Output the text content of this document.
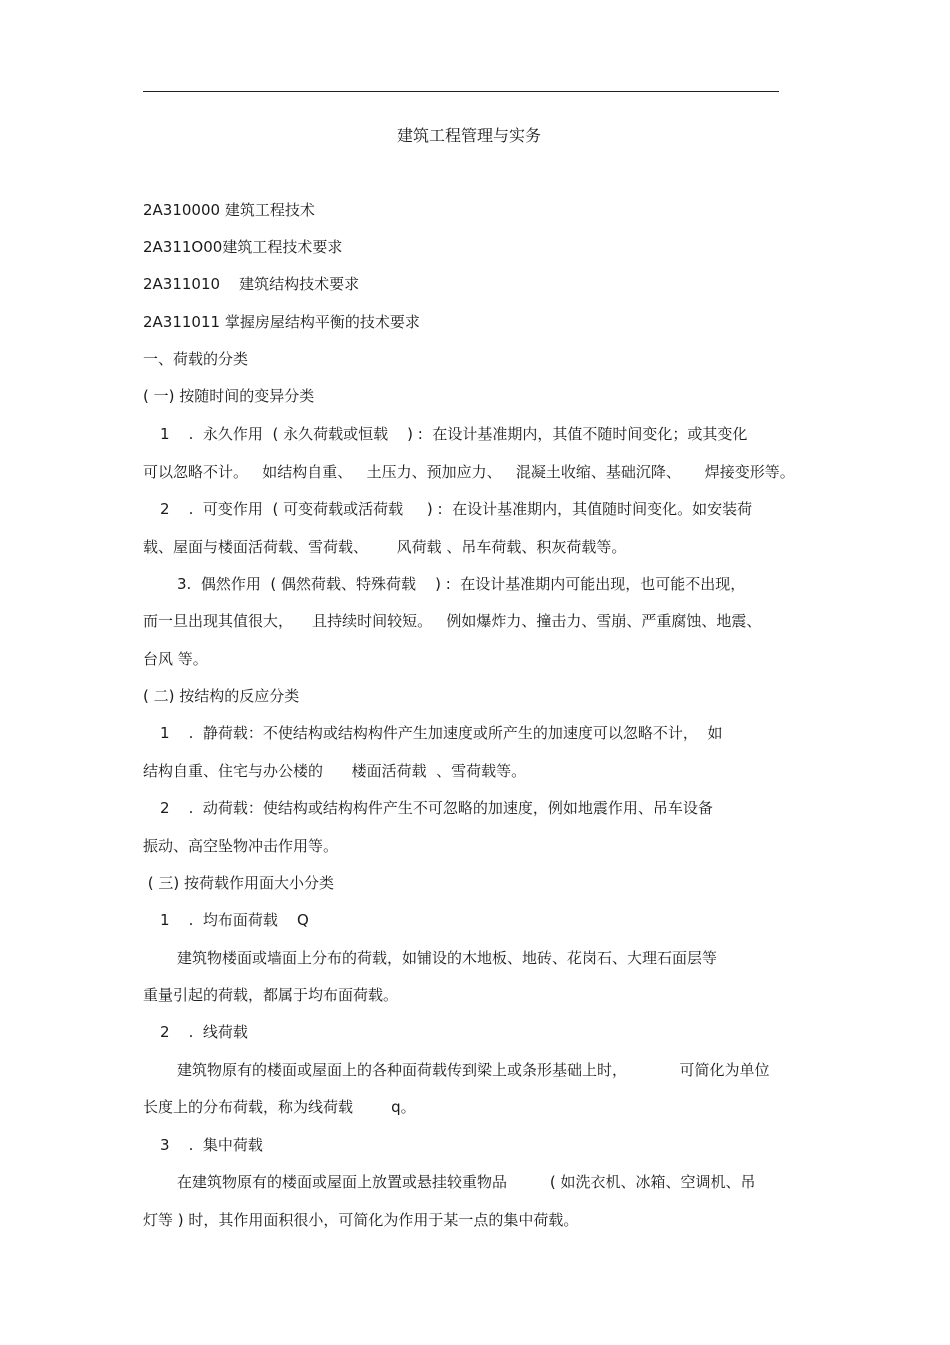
建筑工程管理与实务
2A310000 建筑工程技术
2A311O00建筑工程技术要求
2A311010    建筑结构技术要求
2A311011 掌握房屋结构平衡的技术要求
一、荷载的分类
( 一) 按随时间的变异分类
1    .  永久作用  ( 永久荷载或恒载    ) :  在设计基准期内，其值不随时间变化；或其变化
可以忽略不计。   如结构自重、   土压力、预加应力、   混凝土收缩、基础沉降、     焊接变形等。
2    .  可变作用  ( 可变荷载或活荷载     ) :  在设计基准期内，其值随时间变化。如安装荷
载、屋面与楼面活荷载、雪荷载、      风荷载 、吊车荷载、积灰荷载等。
3.  偶然作用  ( 偶然荷载、特殊荷载    ) :  在设计基准期内可能出现，也可能不出现，
而一旦出现其值很大，    且持续时间较短。   例如爆炸力、撞击力、雪崩、严重腐蚀、地震、
台风 等。
( 二) 按结构的反应分类
1    .  静荷载：不使结构或结构构件产生加速度或所产生的加速度可以忽略不计，  如
结构自重、住宅与办公楼的      楼面活荷载  、雪荷载等。
2    .  动荷载：使结构或结构构件产生不可忽略的加速度，例如地震作用、吊车设备
振动、高空坠物冲击作用等。
( 三) 按荷载作用面大小分类
1    .  均布面荷载    Q
建筑物楼面或墙面上分布的荷载，如铺设的木地板、地砖、花岗石、大理石面层等
重量引起的荷载，都属于均布面荷载。
2    .  线荷载
建筑物原有的楼面或屋面上的各种面荷载传到梁上或条形基础上时，           可简化为单位
长度上的分布荷载，称为线荷载        q。
3    .  集中荷载
在建筑物原有的楼面或屋面上放置或悬挂较重物品         ( 如洗衣机、冰箱、空调机、吊
灯等 ) 时，其作用面积很小，可简化为作用于某一点的集中荷载。
